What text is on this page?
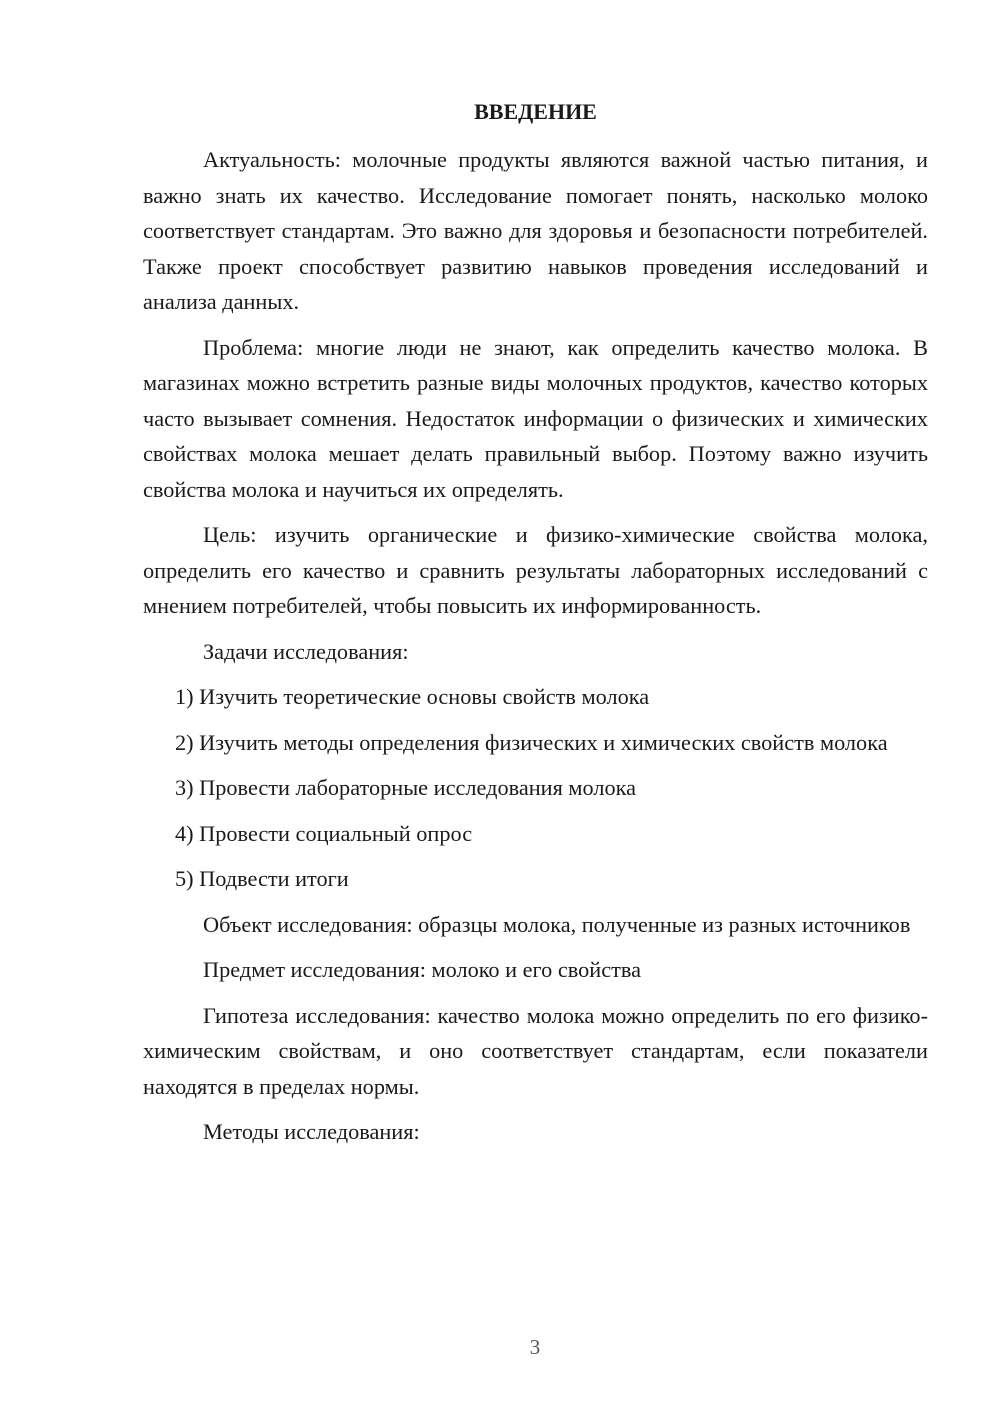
ВВЕДЕНИЕ

Актуальность: молочные продукты являются важной частью питания, и важно знать их качество. Исследование помогает понять, насколько молоко соответствует стандартам. Это важно для здоровья и безопасности потребителей. Также проект способствует развитию навыков проведения исследований и анализа данных.

Проблема: многие люди не знают, как определить качество молока. В магазинах можно встретить разные виды молочных продуктов, качество которых часто вызывает сомнения. Недостаток информации о физических и химических свойствах молока мешает делать правильный выбор. Поэтому важно изучить свойства молока и научиться их определять.

Цель: изучить органические и физико-химические свойства молока, определить его качество и сравнить результаты лабораторных исследований с мнением потребителей, чтобы повысить их информированность.

Задачи исследования:

1) Изучить теоретические основы свойств молока

2) Изучить методы определения физических и химических свойств молока

3) Провести лабораторные исследования молока

4) Провести социальный опрос

5) Подвести итоги

Объект исследования: образцы молока, полученные из разных источников

Предмет исследования: молоко и его свойства

Гипотеза исследования: качество молока можно определить по его физико-химическим свойствам, и оно соответствует стандартам, если показатели находятся в пределах нормы.

Методы исследования:

3
